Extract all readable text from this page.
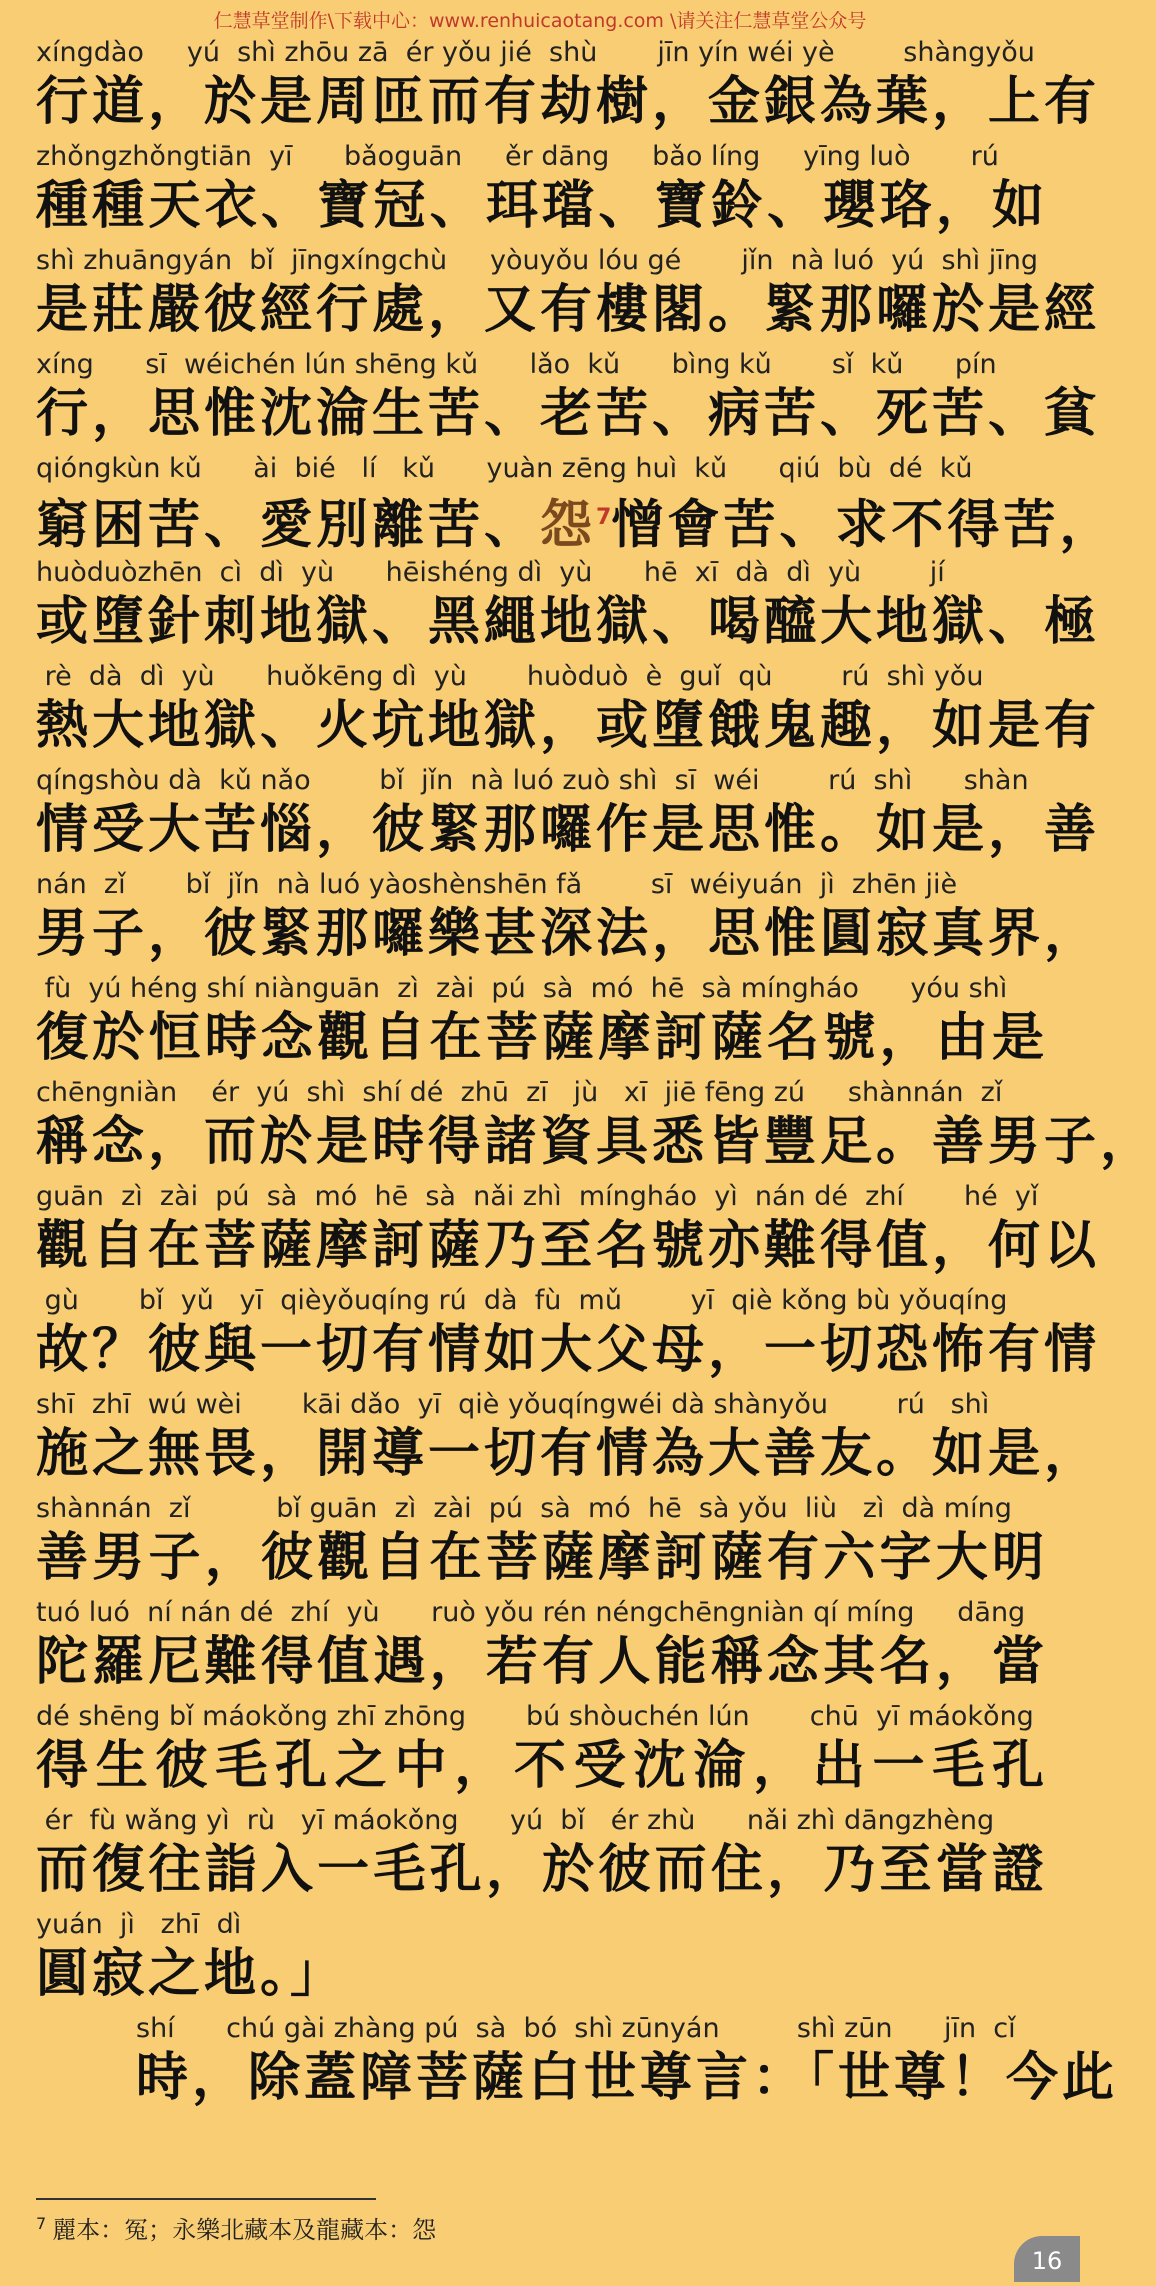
仁慧草堂制作\下载中心：www.renhuicaotang.com \请关注仁慧草堂公众号
xíngdào     yú  shì zhōu zā  ér yǒu jié  shù       jīn yín wéi yè        shàngyǒu
行道，於是周匝而有劫樹，金銀為葉，上有
zhǒngzhǒngtiān  yī      bǎoguān     ěr dāng     bǎo líng     yīng luò       rú
種種天衣、寶冠、珥璫、寶鈴、瓔珞，如
shì zhuāngyán  bǐ  jīngxíngchù     yòuyǒu lóu gé       jǐn  nà luó  yú  shì jīng
是莊嚴彼經行處，又有樓閣。緊那囉於是經
xíng      sī  wéichén lún shēng kǔ      lǎo  kǔ      bìng kǔ       sǐ  kǔ      pín
行，思惟沈淪生苦、老苦、病苦、死苦、貧
qióngkùn kǔ      ài  bié   lí   kǔ      yuàn zēng huì  kǔ      qiú  bù  dé  kǔ
窮困苦、愛別離苦、怨$^7$憎會苦、求不得苦，
huòduòzhēn  cì  dì  yù      hēishéng dì  yù      hē  xī  dà  dì  yù        jí
或墮針刺地獄、黑繩地獄、喝醯大地獄、極
rè  dà  dì  yù      huǒkēng dì  yù       huòduò  è  guǐ  qù        rú  shì yǒu
熱大地獄、火坑地獄，或墮餓鬼趣，如是有
qíngshòu dà  kǔ nǎo        bǐ  jǐn  nà luó zuò shì  sī  wéi        rú  shì      shàn
情受大苦惱，彼緊那囉作是思惟。如是，善
nán  zǐ       bǐ  jǐn  nà luó yàoshènshēn fǎ        sī  wéiyuán  jì  zhēn jiè
男子，彼緊那囉樂甚深法，思惟圓寂真界，
fù  yú héng shí niànguān  zì  zài  pú  sà  mó  hē  sà míngháo      yóu shì
復於恒時念觀自在菩薩摩訶薩名號，由是
chēngniàn    ér  yú  shì  shí dé  zhū  zī   jù   xī  jiē fēng zú     shànnán  zǐ
稱念，而於是時得諸資具悉皆豐足。善男子，
guān  zì  zài  pú  sà  mó  hē  sà  nǎi zhì  míngháo  yì  nán dé  zhí       hé  yǐ
觀自在菩薩摩訶薩乃至名號亦難得值，何以
gù       bǐ  yǔ   yī  qièyǒuqíng rú  dà  fù  mǔ        yī  qiè kǒng bù yǒuqíng
故？彼與一切有情如大父母，一切恐怖有情
shī  zhī  wú wèi       kāi dǎo  yī  qiè yǒuqíngwéi dà shànyǒu        rú   shì
施之無畏，開導一切有情為大善友。如是，
shànnán  zǐ          bǐ guān  zì  zài  pú  sà  mó  hē  sà yǒu  liù   zì  dà míng
善男子，彼觀自在菩薩摩訶薩有六字大明
tuó luó  ní nán dé  zhí  yù      ruò yǒu rén néngchēngniàn qí míng     dāng
陀羅尼難得值遇，若有人能稱念其名，當
dé shēng bǐ máokǒng zhī zhōng       bú shòuchén lún       chū  yī máokǒng
得生彼毛孔之中，不受沈淪，出一毛孔
ér  fù wǎng yì  rù   yī máokǒng      yú  bǐ   ér zhù      nǎi zhì dāngzhèng
而復往詣入一毛孔，於彼而住，乃至當證
yuán  jì   zhī  dì
圓寂之地。」
shí      chú gài zhàng pú  sà  bó  shì zūnyán         shì zūn      jīn  cǐ
時，除蓋障菩薩白世尊言：「世尊！今此
$^7$ 麗本：冤；永樂北藏本及龍藏本：怨
16
